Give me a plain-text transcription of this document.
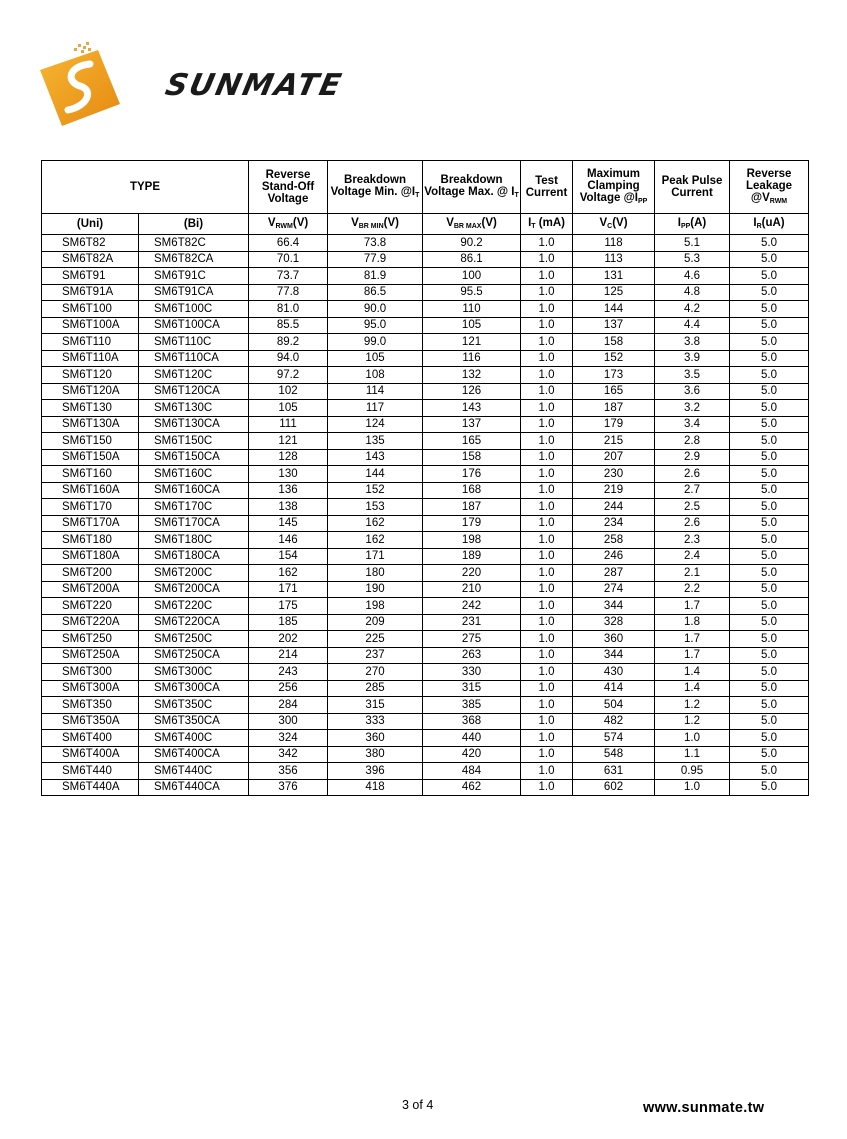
SUNMATE
TYPE		Reverse
Stand-Off
Voltage	Breakdown Voltage Min. $@I_T$	Breakdown Voltage Max. @ $I_T$	Test Current	Maximum Clamping Voltage $@I_{PP}$	Peak Pulse Current	Reverse Leakage $@V_{RWM}$
(Uni)	(Bi)	$V_{RWM}(V)$	$V_{BR MIN}(V)$	$V_{BR MAX}(V)$	$I_T$ (mA)	$V_C(V)$	$I_{PP}(A)$	$I_R(uA)$
SM6T82	SM6T82C	66.4	73.8	90.2	1.0	118	5.1	5.0
SM6T82A	SM6T82CA	70.1	77.9	86.1	1.0	113	5.3	5.0
SM6T91	SM6T91C	73.7	81.9	100	1.0	131	4.6	5.0
SM6T91A	SM6T91CA	77.8	86.5	95.5	1.0	125	4.8	5.0
SM6T100	SM6T100C	81.0	90.0	110	1.0	144	4.2	5.0
SM6T100A	SM6T100CA	85.5	95.0	105	1.0	137	4.4	5.0
SM6T110	SM6T110C	89.2	99.0	121	1.0	158	3.8	5.0
SM6T110A	SM6T110CA	94.0	105	116	1.0	152	3.9	5.0
SM6T120	SM6T120C	97.2	108	132	1.0	173	3.5	5.0
SM6T120A	SM6T120CA	102	114	126	1.0	165	3.6	5.0
SM6T130	SM6T130C	105	117	143	1.0	187	3.2	5.0
SM6T130A	SM6T130CA	111	124	137	1.0	179	3.4	5.0
SM6T150	SM6T150C	121	135	165	1.0	215	2.8	5.0
SM6T150A	SM6T150CA	128	143	158	1.0	207	2.9	5.0
SM6T160	SM6T160C	130	144	176	1.0	230	2.6	5.0
SM6T160A	SM6T160CA	136	152	168	1.0	219	2.7	5.0
SM6T170	SM6T170C	138	153	187	1.0	244	2.5	5.0
SM6T170A	SM6T170CA	145	162	179	1.0	234	2.6	5.0
SM6T180	SM6T180C	146	162	198	1.0	258	2.3	5.0
SM6T180A	SM6T180CA	154	171	189	1.0	246	2.4	5.0
SM6T200	SM6T200C	162	180	220	1.0	287	2.1	5.0
SM6T200A	SM6T200CA	171	190	210	1.0	274	2.2	5.0
SM6T220	SM6T220C	175	198	242	1.0	344	1.7	5.0
SM6T220A	SM6T220CA	185	209	231	1.0	328	1.8	5.0
SM6T250	SM6T250C	202	225	275	1.0	360	1.7	5.0
SM6T250A	SM6T250CA	214	237	263	1.0	344	1.7	5.0
SM6T300	SM6T300C	243	270	330	1.0	430	1.4	5.0
SM6T300A	SM6T300CA	256	285	315	1.0	414	1.4	5.0
SM6T350	SM6T350C	284	315	385	1.0	504	1.2	5.0
SM6T350A	SM6T350CA	300	333	368	1.0	482	1.2	5.0
SM6T400	SM6T400C	324	360	440	1.0	574	1.0	5.0
SM6T400A	SM6T400CA	342	380	420	1.0	548	1.1	5.0
SM6T440	SM6T440C	356	396	484	1.0	631	0.95	5.0
SM6T440A	SM6T440CA	376	418	462	1.0	602	1.0	5.0
3 of 4	www.sunmate.tw
